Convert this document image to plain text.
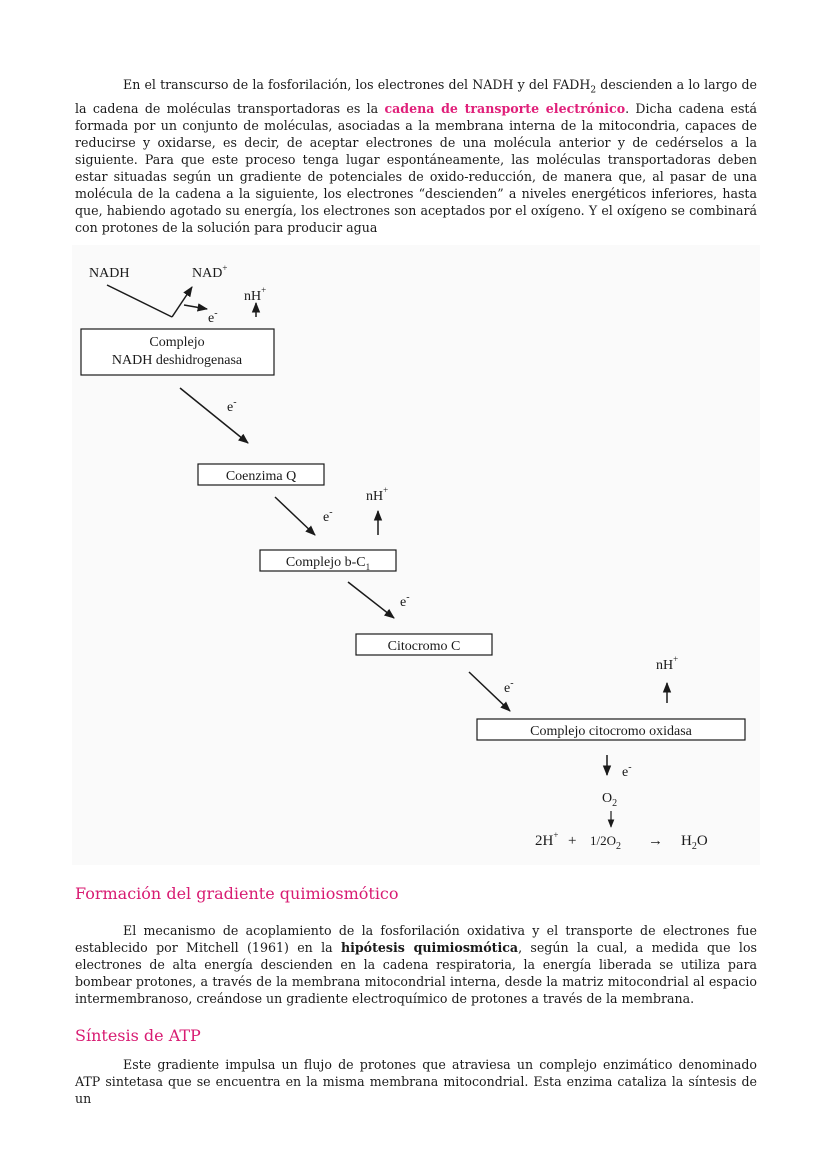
En el transcurso de la fosforilación, los electrones del NADH y del $FADH_2$ descienden a lo largo de la cadena de moléculas transportadoras es la cadena de transporte electrónico. Dicha cadena está formada por un conjunto de moléculas, asociadas a la membrana interna de la mitocondria, capaces de reducirse y oxidarse, es decir, de aceptar electrones de una molécula anterior y de cedérselos a la siguiente. Para que este proceso tenga lugar espontáneamente, las moléculas transportadoras deben estar situadas según un gradiente de potenciales de oxido-reducción, de manera que, al pasar de una molécula de la cadena a la siguiente, los electrones “descienden” a niveles energéticos inferiores, hasta que, habiendo agotado su energía, los electrones son aceptados por el oxígeno. Y el oxígeno se combinará con protones de la solución para producir agua

NADH	NAD+
e-
nH+
Complejo
NADH deshidrogenasa
e-
Coenzima Q
e-
nH+
Complejo $b-C_1$
e-
Citocromo C
e-
nH+
Complejo citocromo oxidasa
e-
$O_2$
$2H^+ + 1/2O_2 \to H_2O$
Formación del gradiente quimiosmótico

El mecanismo de acoplamiento de la fosforilación oxidativa y el transporte de electrones fue establecido por Mitchell (1961) en la hipótesis quimiosmótica, según la cual, a medida que los electrones de alta energía descienden en la cadena respiratoria, la energía liberada se utiliza para bombear protones, a través de la membrana mitocondrial interna, desde la matriz mitocondrial al espacio intermembranoso, creándose un gradiente electroquímico de protones a través de la membrana.

Síntesis de ATP

Este gradiente impulsa un flujo de protones que atraviesa un complejo enzimático denominado ATP sintetasa que se encuentra en la misma membrana mitocondrial. Esta enzima cataliza la síntesis de un
